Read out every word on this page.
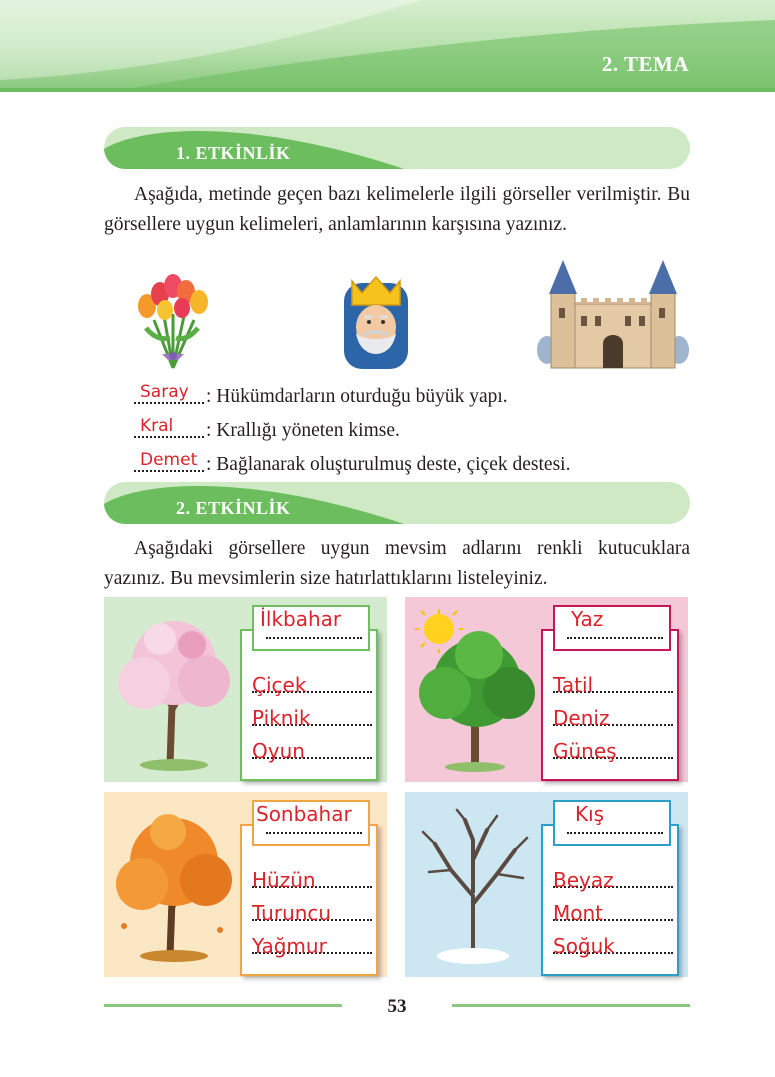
2. TEMA
1. ETKİNLİK
Aşağıda, metinde geçen bazı kelimelerle ilgili görseller verilmiştir. Bu görsellere uygun kelimeleri, anlamlarının karşısına yazınız.
Saray : Hükümdarların oturduğu büyük yapı.
Kral : Krallığı yöneten kimse.
Demet : Bağlanarak oluşturulmuş deste, çiçek destesi.
2. ETKİNLİK
Aşağıdaki görsellere uygun mevsim adlarını renkli kutucuklara yazınız. Bu mevsimlerin size hatırlattıklarını listeleyiniz.
İlkbahar
Çiçek
Piknik
Oyun
Yaz
Tatil
Deniz
Güneş
Sonbahar
Hüzün
Turuncu
Yağmur
Kış
Beyaz
Mont
Soğuk
53
